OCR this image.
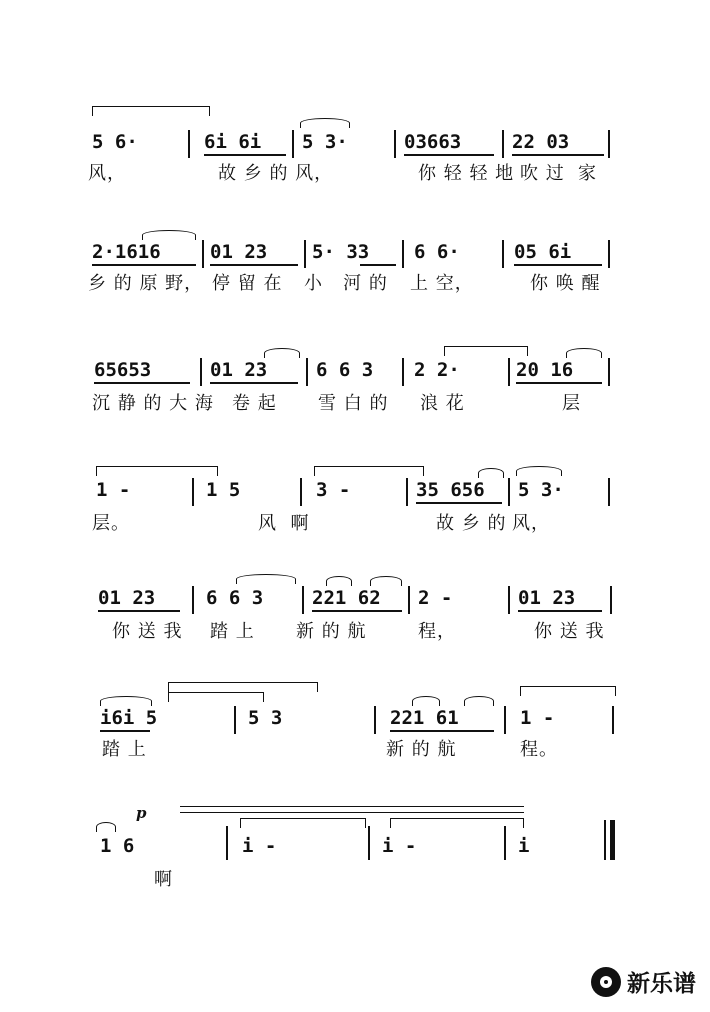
5 6·	6i 6i 5 3·	03663	22 03
风，	故 乡 的 风，	你 轻 轻 地 吹 过 家
2·1616	01 23 5· 33 6 6·	05 6i
乡 的 原 野， 停 留 在 小   河 的 上 空，	你 唤 醒
65653	01 23	6 6 3 2 2·	20 16
沉 静 的 大 海 卷 起 雪 白 的 浪 花	层
1 -	1 5	3 -	35 656 5 3·
层。	风  啊	故 乡 的 风，
01 23	6 6 3	221 62 2 -	01 23
你 送 我 踏 上 新 的 航	程，	你 送 我
i6i 5	5 3	221 61	1 -
踏 上	新 的 航	程。
p
1 6	i -	i -	i
啊
新乐谱
